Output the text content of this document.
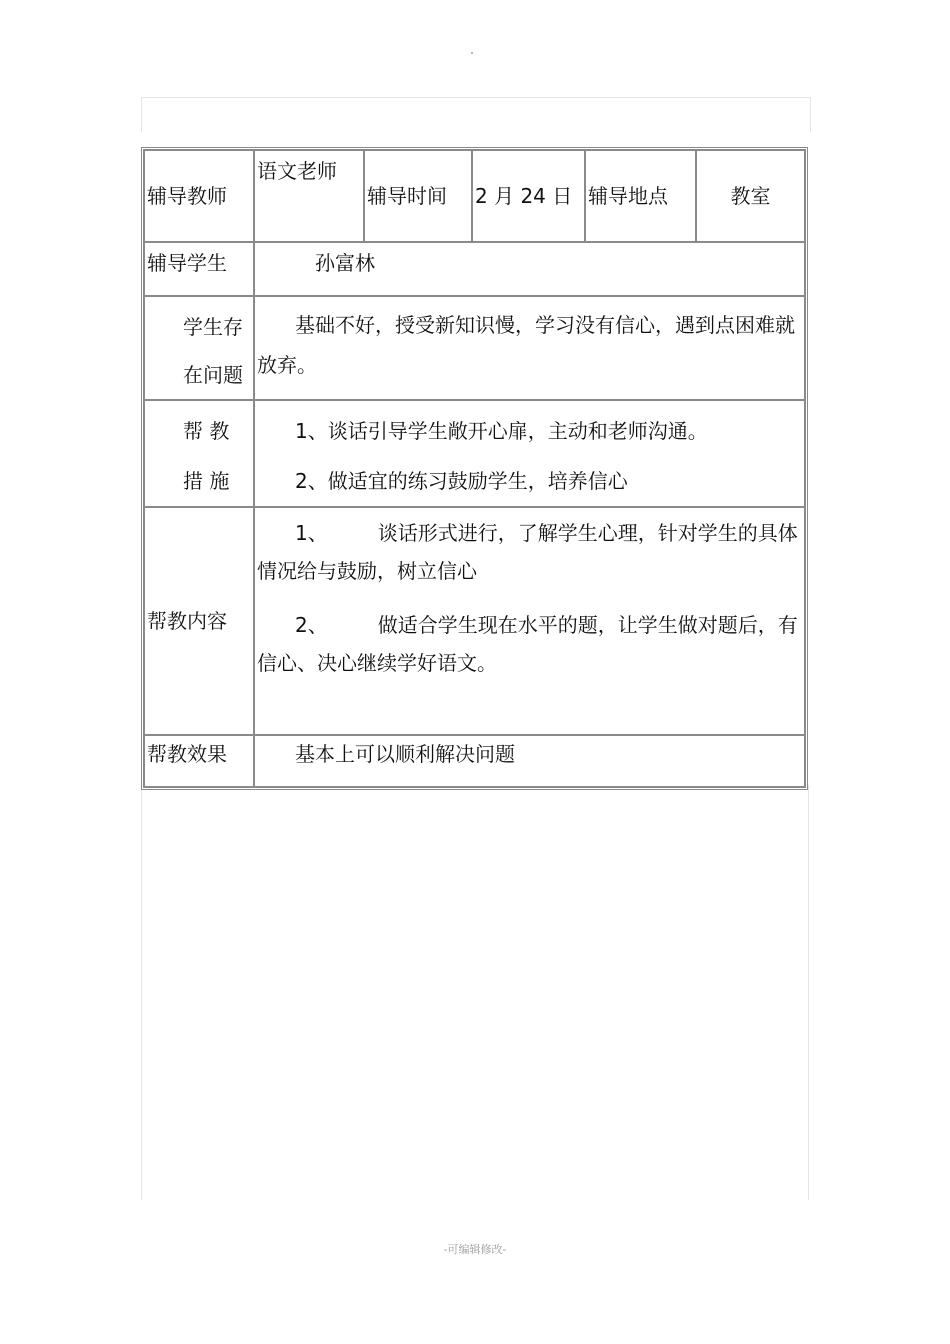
辅导教师	语文老师	辅导时间	2 月 24 日	辅导地点	教室
辅导学生	孙富林				
学生存在问题	基础不好，授受新知识慢，学习没有信心，遇到点困难就放弃。				

帮 教 措 施	1、谈话引导学生敞开心扉，主动和老师沟通。

2、做适宜的练习鼓励学生，培养信心				

帮教内容	1、　　　谈话形式进行，了解学生心理，针对学生的具体情况给与鼓励，树立信心

2、　　　做适合学生现在水平的题，让学生做对题后，有信心、决心继续学好语文。				

帮教效果	基本上可以顺利解决问题				

-可编辑修改-
